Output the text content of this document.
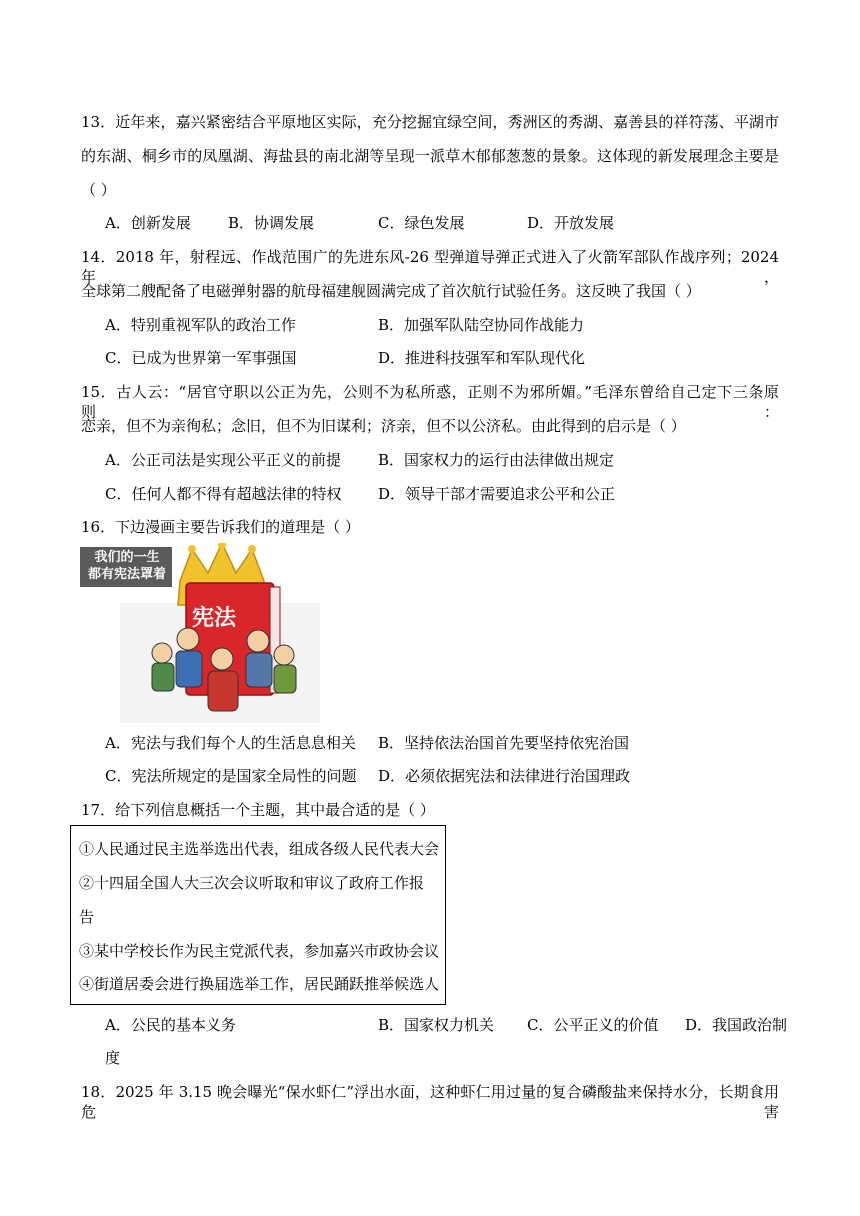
13．近年来，嘉兴紧密结合平原地区实际，充分挖掘宜绿空间，秀洲区的秀湖、嘉善县的祥符荡、平湖市
的东湖、桐乡市的凤凰湖、海盐县的南北湖等呈现一派草木郁郁葱葱的景象。这体现的新发展理念主要是
（ ）
A．创新发展 B．协调发展	C．绿色发展	D．开放发展
14．2018 年，射程远、作战范围广的先进东风-26 型弹道导弹正式进入了火箭军部队作战序列；2024 年，
全球第二艘配备了电磁弹射器的航母福建舰圆满完成了首次航行试验任务。这反映了我国（ ）
A．特别重视军队的政治工作	B．加强军队陆空协同作战能力
C．已成为世界第一军事强国	D．推进科技强军和军队现代化
15．古人云：“居官守职以公正为先，公则不为私所惑，正则不为邪所媚。”毛泽东曾给自己定下三条原则：
恋亲，但不为亲徇私；念旧，但不为旧谋利；济亲，但不以公济私。由此得到的启示是（ ）
A．公正司法是实现公平正义的前提 B．国家权力的运行由法律做出规定
C．任何人都不得有超越法律的特权 D．领导干部才需要追求公平和公正
16．下边漫画主要告诉我们的道理是（ ）
我们的一生
都有宪法罩着
宪法
A．宪法与我们每个人的生活息息相关 B．坚持依法治国首先要坚持依宪治国
C．宪法所规定的是国家全局性的问题 D．必须依据宪法和法律进行治国理政
17．给下列信息概括一个主题，其中最合适的是（ ）
①人民通过民主选举选出代表，组成各级人民代表大会
②十四届全国人大三次会议听取和审议了政府工作报
告
③某中学校长作为民主党派代表，参加嘉兴市政协会议
④街道居委会进行换届选举工作，居民踊跃推举候选人
A．公民的基本义务	B．国家权力机关 C．公平正义的价值 D．我国政治制
度
18．2025 年 3.15 晚会曝光“保水虾仁”浮出水面，这种虾仁用过量的复合磷酸盐来保持水分，长期食用危害
